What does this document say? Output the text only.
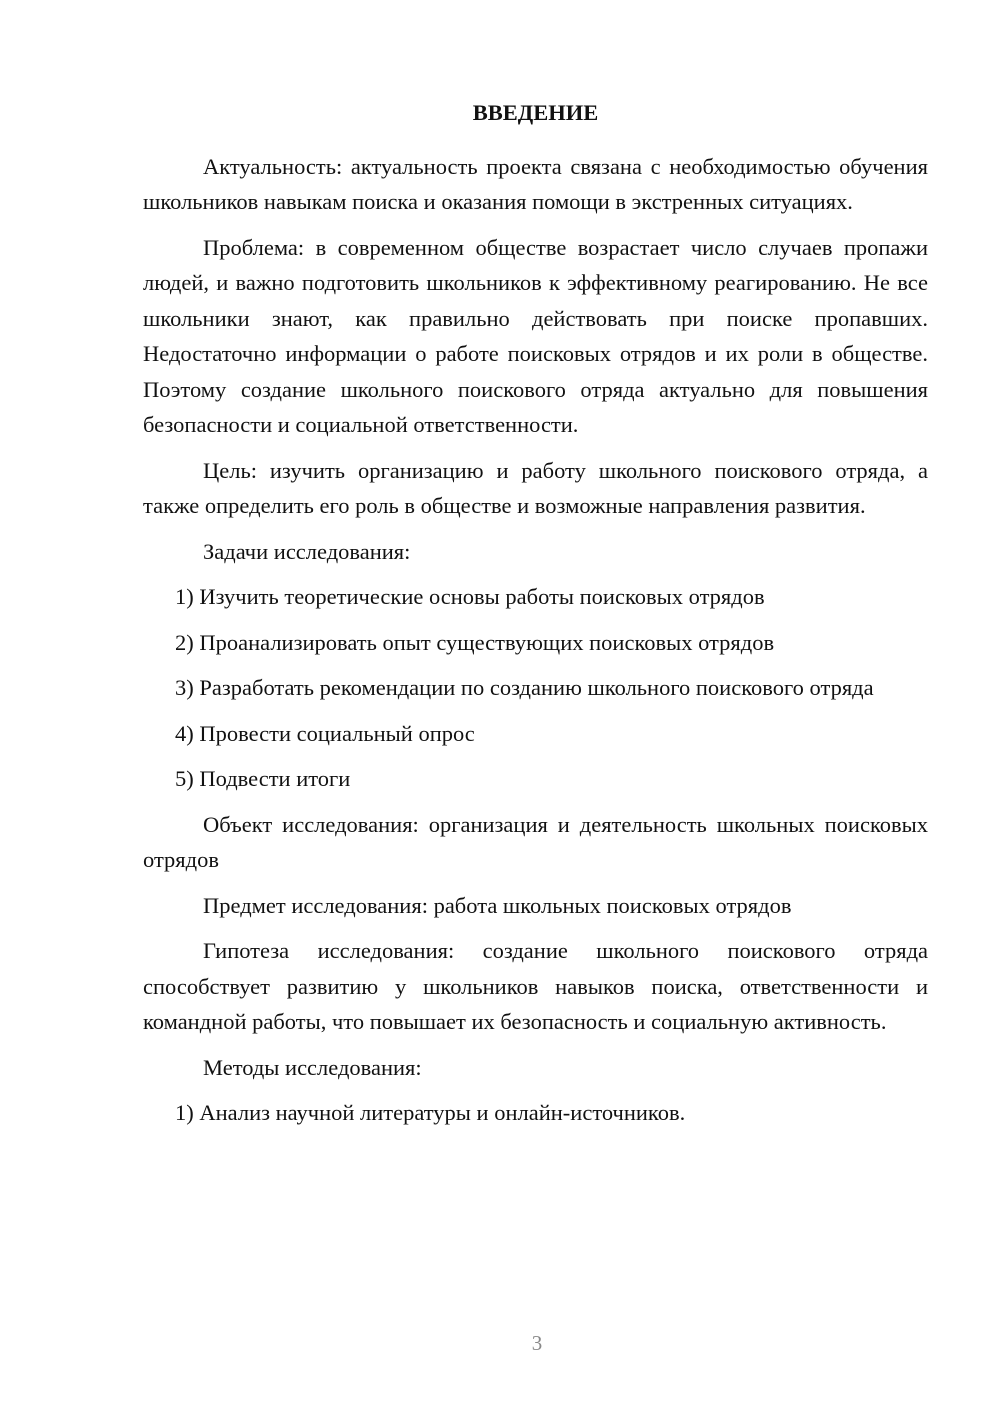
ВВЕДЕНИЕ

Актуальность: актуальность проекта связана с необходимостью обучения школьников навыкам поиска и оказания помощи в экстренных ситуациях.

Проблема: в современном обществе возрастает число случаев пропажи людей, и важно подготовить школьников к эффективному реагированию. Не все школьники знают, как правильно действовать при поиске пропавших. Недостаточно информации о работе поисковых отрядов и их роли в обществе. Поэтому создание школьного поискового отряда актуально для повышения безопасности и социальной ответственности.

Цель: изучить организацию и работу школьного поискового отряда, а также определить его роль в обществе и возможные направления развития.

Задачи исследования:

1) Изучить теоретические основы работы поисковых отрядов

2) Проанализировать опыт существующих поисковых отрядов

3) Разработать рекомендации по созданию школьного поискового отряда

4) Провести социальный опрос

5) Подвести итоги

Объект исследования: организация и деятельность школьных поисковых отрядов

Предмет исследования: работа школьных поисковых отрядов

Гипотеза исследования: создание школьного поискового отряда способствует развитию у школьников навыков поиска, ответственности и командной работы, что повышает их безопасность и социальную активность.

Методы исследования:

1) Анализ научной литературы и онлайн-источников.

3
